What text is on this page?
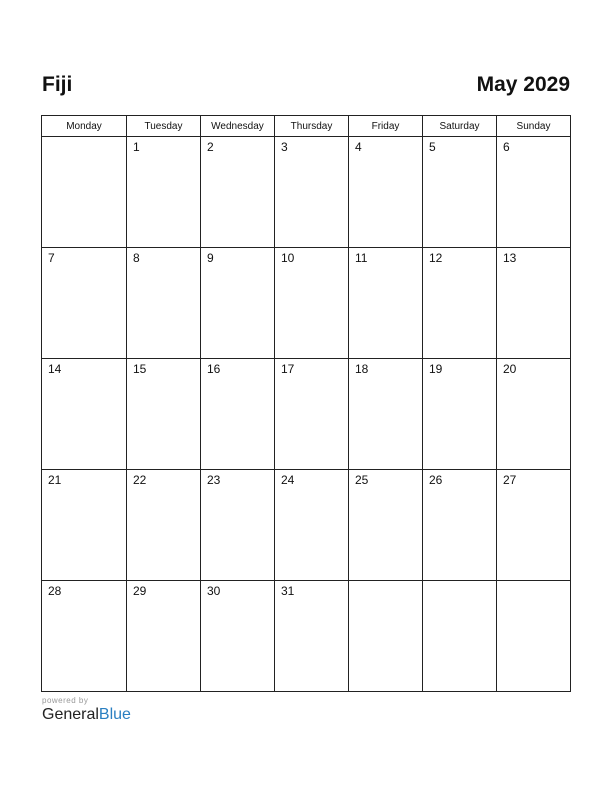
Fiji	May 2029
Monday	Tuesday	Wednesday	Thursday	Friday	Saturday	Sunday

	1	2	3	4	5	6

7	8	9	10	11	12	13

14	15	16	17	18	19	20

21	22	23	24	25	26	27

28	29	30	31			

powered by
GeneralBlue
